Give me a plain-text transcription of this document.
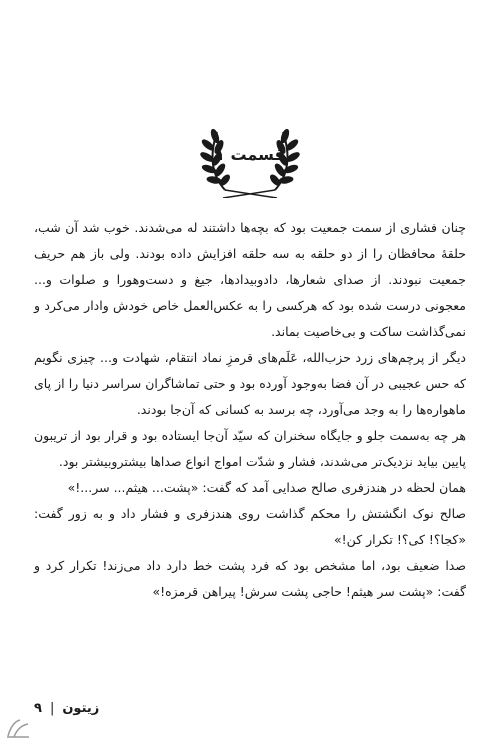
قسمت ۱

چنان فشاری از سمت جمعیت بود که بچه‌ها داشتند له می‌شدند. خوب شد آن شب، حلقهٔ محافظان را از دو حلقه به سه حلقه افزایش داده بودند. ولی باز هم حریف جمعیت نبودند. از صدای شعارها، دادوبیدادها، جیغ و دست‌وهورا و صلوات و... معجونی درست شده بود که هرکسی را به عکس‌العمل خاص خودش وادار می‌کرد و نمی‌گذاشت ساکت و بی‌خاصیت بماند.

دیگر از پرچم‌های زرد حزب‌الله، عَلَم‌های قرمزِ نماد انتقام، شهادت و... چیزی نگویم که حس عجیبی در آن فضا به‌وجود آورده بود و حتی تماشاگران سراسر دنیا را از پای ماهواره‌ها را به وجد می‌آورد، چه برسد به کسانی که آن‌جا بودند.

هر چه به‌سمت جلو و جایگاه سخنران که سیّد آن‌جا ایستاده بود و قرار بود از تریبون پایین بیاید نزدیک‌تر می‌شدند، فشار و شدّت امواج انواع صداها بیشتروبیشتر بود.

همان لحظه در هندزفری صالح صدایی آمد که گفت: «پشت... هیثم... سر...!»

صالح نوک انگشتش را محکم گذاشت روی هندزفری و فشار داد و به زور گفت: «کجا؟! کی؟! تکرار کن!»

صدا ضعیف بود، اما مشخص بود که فرد پشت خط دارد داد می‌زند! تکرار کرد و گفت: «پشت سر هیثم! حاجی پشت سرش! پیراهن قرمزه!»

زیتون
|
۹
